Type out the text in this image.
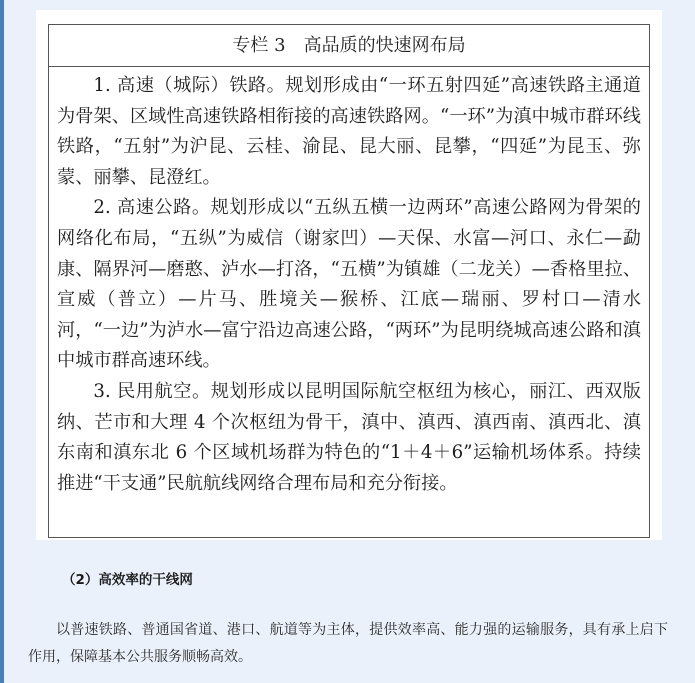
专栏 3 高品质的快速网布局

1. 高速（城际）铁路。规划形成由“一环五射四延”高速铁路主通道为骨架、区域性高速铁路相衔接的高速铁路网。“一环”为滇中城市群环线铁路，“五射”为沪昆、云桂、渝昆、昆大丽、昆攀，“四延”为昆玉、弥蒙、丽攀、昆澄红。

2. 高速公路。规划形成以“五纵五横一边两环”高速公路网为骨架的网络化布局，“五纵”为威信（谢家凹）—天保、水富—河口、永仁—勐康、隔界河—磨憨、泸水—打洛，“五横”为镇雄（二龙关）—香格里拉、宣威（普立）—片马、胜境关—猴桥、江底—瑞丽、罗村口—清水河，“一边”为泸水—富宁沿边高速公路，“两环”为昆明绕城高速公路和滇中城市群高速环线。

3. 民用航空。规划形成以昆明国际航空枢纽为核心，丽江、西双版纳、芒市和大理 4 个次枢纽为骨干，滇中、滇西、滇西南、滇西北、滇东南和滇东北 6 个区域机场群为特色的“1＋4＋6”运输机场体系。持续推进“干支通”民航航线网络合理布局和充分衔接。

（2）高效率的干线网

以普速铁路、普通国省道、港口、航道等为主体，提供效率高、能力强的运输服务，具有承上启下作用，保障基本公共服务顺畅高效。
